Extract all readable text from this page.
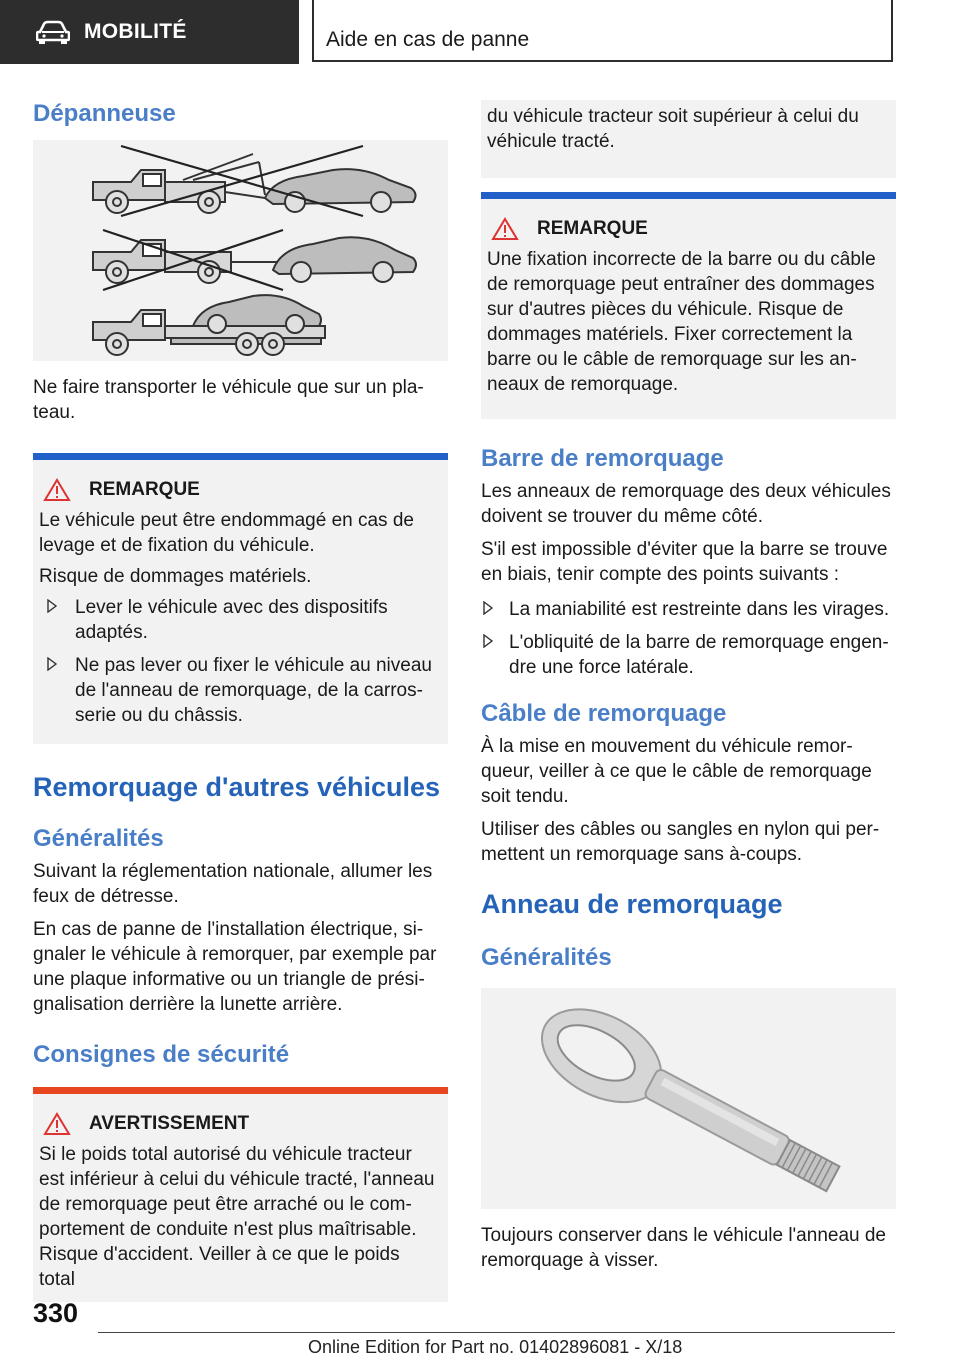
MOBILITÉ	Aide en cas de panne
Dépanneuse

Ne faire transporter le véhicule que sur un pla-teau.

REMARQUE

Le véhicule peut être endommagé en cas de levage et de fixation du véhicule.

Risque de dommages matériels.

Lever le véhicule avec des dispositifs adaptés.
Ne pas lever ou fixer le véhicule au niveau de l'anneau de remorquage, de la carros-serie ou du châssis.
Remorquage d'autres véhicules
Généralités

Suivant la réglementation nationale, allumer les feux de détresse.

En cas de panne de l'installation électrique, si-gnaler le véhicule à remorquer, par exemple par une plaque informative ou un triangle de prési-gnalisation derrière la lunette arrière.

Consignes de sécurité
AVERTISSEMENT

Si le poids total autorisé du véhicule tracteur est inférieur à celui du véhicule tracté, l'anneau de remorquage peut être arraché ou le com-portement de conduite n'est plus maîtrisable. Risque d'accident. Veiller à ce que le poids total

du véhicule tracteur soit supérieur à celui du véhicule tracté.

REMARQUE

Une fixation incorrecte de la barre ou du câble de remorquage peut entraîner des dommages sur d'autres pièces du véhicule. Risque de dommages matériels. Fixer correctement la barre ou le câble de remorquage sur les an-neaux de remorquage.

Barre de remorquage

Les anneaux de remorquage des deux véhicules doivent se trouver du même côté.

S'il est impossible d'éviter que la barre se trouve en biais, tenir compte des points suivants :

La maniabilité est restreinte dans les virages.
L'obliquité de la barre de remorquage engen-dre une force latérale.
Câble de remorquage

À la mise en mouvement du véhicule remor-queur, veiller à ce que le câble de remorquage soit tendu.

Utiliser des câbles ou sangles en nylon qui per-mettent un remorquage sans à-coups.

Anneau de remorquage
Généralités

Toujours conserver dans le véhicule l'anneau de remorquage à visser.

330
Online Edition for Part no. 01402896081 - X/18
